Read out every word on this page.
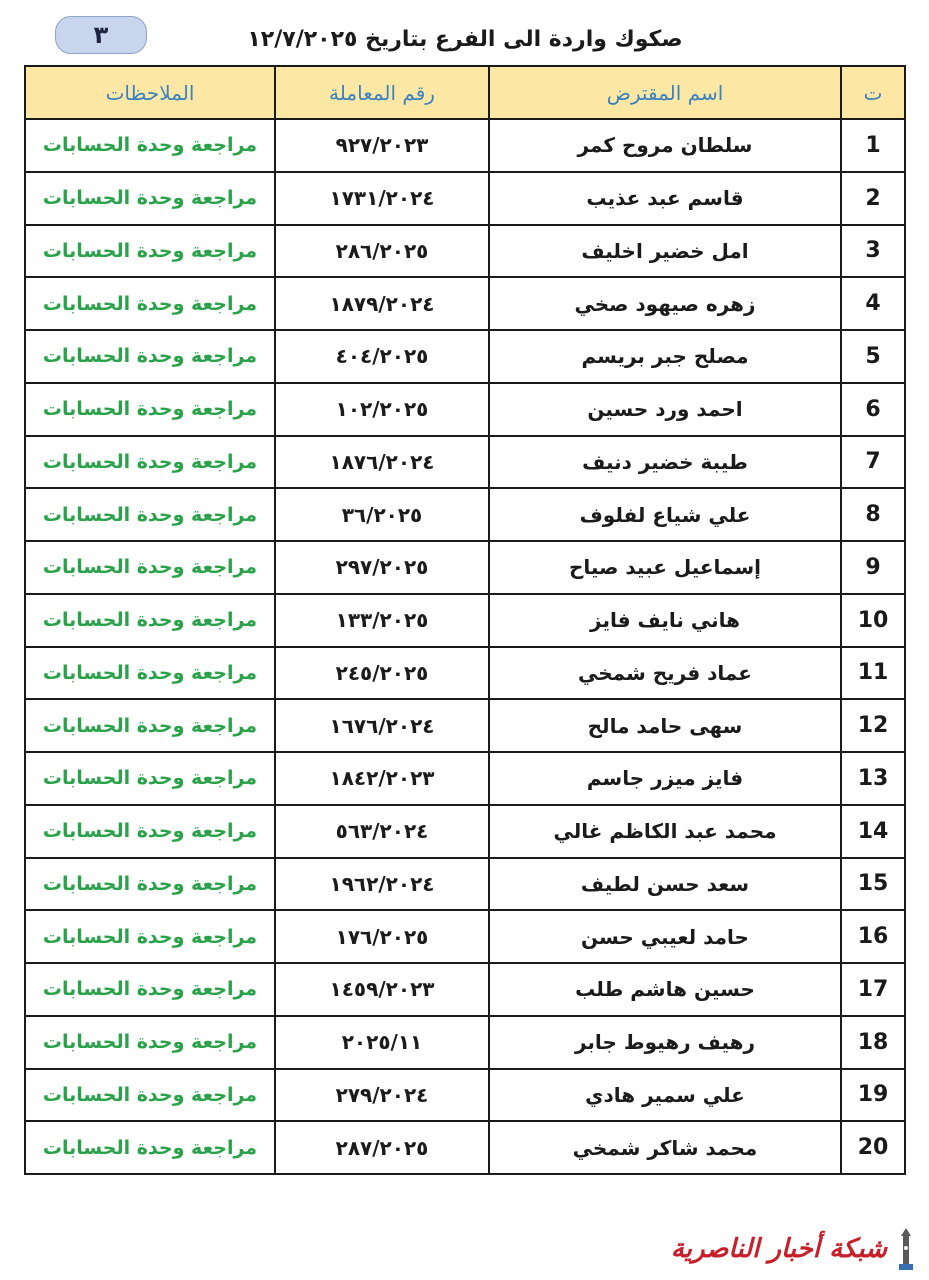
٣	صكوك واردة الى الفرع بتاريخ ١٢/٧/٢٠٢٥
ت	اسم المقترض	رقم المعاملة	الملاحظات
1	سلطان مروح كمر	٩٢٧/٢٠٢٣	مراجعة وحدة الحسابات
2	قاسم عبد عذيب	١٧٣١/٢٠٢٤	مراجعة وحدة الحسابات
3	امل خضير اخليف	٢٨٦/٢٠٢٥	مراجعة وحدة الحسابات
4	زهره صيهود صخي	١٨٧٩/٢٠٢٤	مراجعة وحدة الحسابات
5	مصلح جبر بريسم	٤٠٤/٢٠٢٥	مراجعة وحدة الحسابات
6	احمد ورد حسين	١٠٢/٢٠٢٥	مراجعة وحدة الحسابات
7	طيبة خضير دنيف	١٨٧٦/٢٠٢٤	مراجعة وحدة الحسابات
8	علي شياع لفلوف	٣٦/٢٠٢٥	مراجعة وحدة الحسابات
9	إسماعيل عبيد صياح	٢٩٧/٢٠٢٥	مراجعة وحدة الحسابات
10	هاني نايف فايز	١٣٣/٢٠٢٥	مراجعة وحدة الحسابات
11	عماد فريح شمخي	٢٤٥/٢٠٢٥	مراجعة وحدة الحسابات
12	سهى حامد مالح	١٦٧٦/٢٠٢٤	مراجعة وحدة الحسابات
13	فايز ميزر جاسم	١٨٤٢/٢٠٢٣	مراجعة وحدة الحسابات
14	محمد عبد الكاظم غالي	٥٦٣/٢٠٢٤	مراجعة وحدة الحسابات
15	سعد حسن لطيف	١٩٦٢/٢٠٢٤	مراجعة وحدة الحسابات
16	حامد لعيبي حسن	١٧٦/٢٠٢٥	مراجعة وحدة الحسابات
17	حسين هاشم طلب	١٤٥٩/٢٠٢٣	مراجعة وحدة الحسابات
18	رهيف رهيوط جابر	٢٠٢٥/١١	مراجعة وحدة الحسابات
19	علي سمير هادي	٢٧٩/٢٠٢٤	مراجعة وحدة الحسابات
20	محمد شاكر شمخي	٢٨٧/٢٠٢٥	مراجعة وحدة الحسابات
شبكة أخبار الناصرية
